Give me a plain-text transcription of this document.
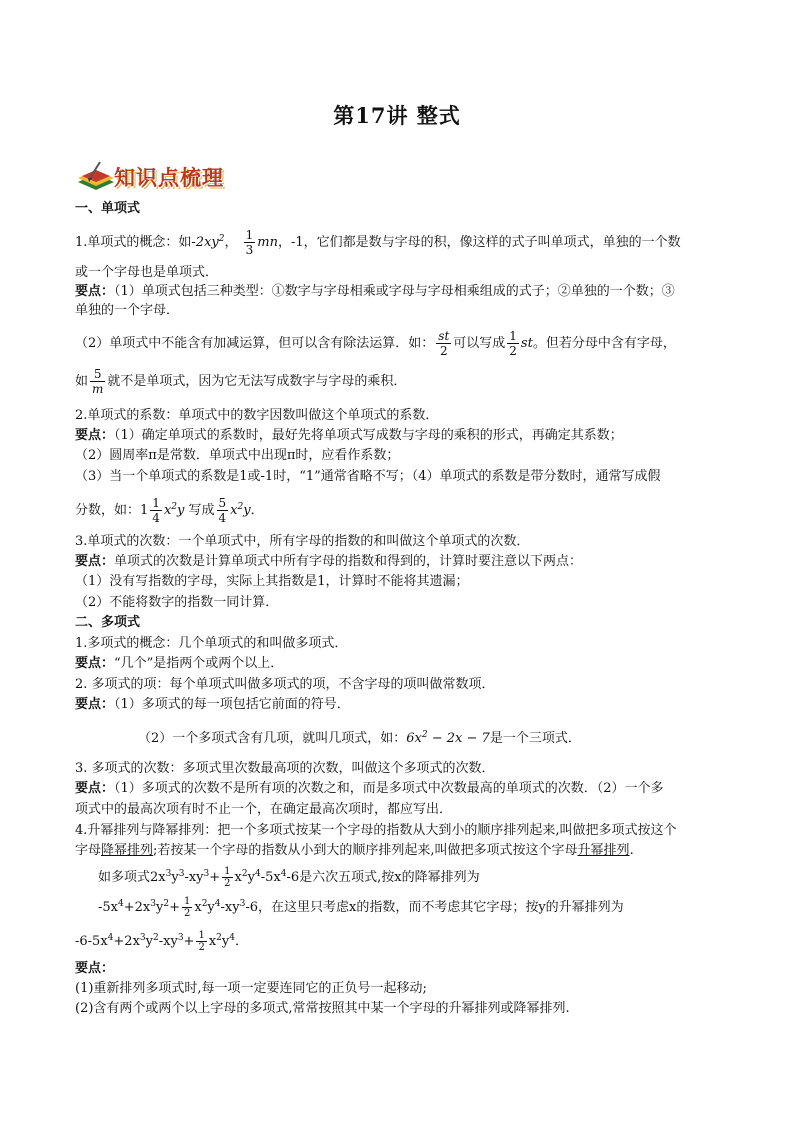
第17讲 整式
知识点梳理
一、单项式
1.单项式的概念：如$-2xy^2$， $\frac{1}{3}$ mn，-1，它们都是数与字母的积，像这样的式子叫单项式，单独的一个数
或一个字母也是单项式．
要点：（1）单项式包括三种类型：①数字与字母相乘或字母与字母相乘组成的式子；②单独的一个数；③
单独的一个字母．
（2）单项式中不能含有加减运算，但可以含有除法运算．如： $\frac{st}{2}$ 可以写成 $\frac{1}{2}$ st。但若分母中含有字母，
如 $\frac{5}{m}$ 就不是单项式，因为它无法写成数字与字母的乘积．
2.单项式的系数：单项式中的数字因数叫做这个单项式的系数．
要点：（1）确定单项式的系数时，最好先将单项式写成数与字母的乘积的形式，再确定其系数；
（2）圆周率π是常数．单项式中出现π时，应看作系数；
（3）当一个单项式的系数是1或-1时，“1”通常省略不写；（4）单项式的系数是带分数时，通常写成假
分数，如：$1 \frac{1}{4} x^2y$ 写成 $\frac{5}{4} x^2y$．
3.单项式的次数：一个单项式中，所有字母的指数的和叫做这个单项式的次数．
要点：单项式的次数是计算单项式中所有字母的指数和得到的，计算时要注意以下两点：
（1）没有写指数的字母，实际上其指数是1，计算时不能将其遗漏；
（2）不能将数字的指数一同计算．
二、多项式
1.多项式的概念：几个单项式的和叫做多项式．
要点：“几个”是指两个或两个以上．
2. 多项式的项：每个单项式叫做多项式的项，不含字母的项叫做常数项．
要点：（1）多项式的每一项包括它前面的符号．
（2）一个多项式含有几项，就叫几项式，如：$6x^2 - 2x - 7$是一个三项式．
3. 多项式的次数：多项式里次数最高项的次数，叫做这个多项式的次数．
要点：（1）多项式的次数不是所有项的次数之和，而是多项式中次数最高的单项式的次数．（2）一个多
项式中的最高次项有时不止一个，在确定最高次项时，都应写出．
4.升幂排列与降幂排列：把一个多项式按某一个字母的指数从大到小的顺序排列起来,叫做把多项式按这个
字母降幂排列;若按某一个字母的指数从小到大的顺序排列起来,叫做把多项式按这个字母升幂排列.
如多项式$2x^3y^3-xy^3+ \frac{1}{2} x^2y^4-5x^4-6$是六次五项式,按x的降幂排列为
$-5x^4+2x^3y^2+ \frac{1}{2} x^2y^4-xy^3-6$，在这里只考虑x的指数，而不考虑其它字母；按y的升幂排列为
$-6-5x^4+2x^3y^2-xy^3+ \frac{1}{2} x^2y^4$．
要点：
(1)重新排列多项式时,每一项一定要连同它的正负号一起移动;
(2)含有两个或两个以上字母的多项式,常常按照其中某一个字母的升幂排列或降幂排列.
